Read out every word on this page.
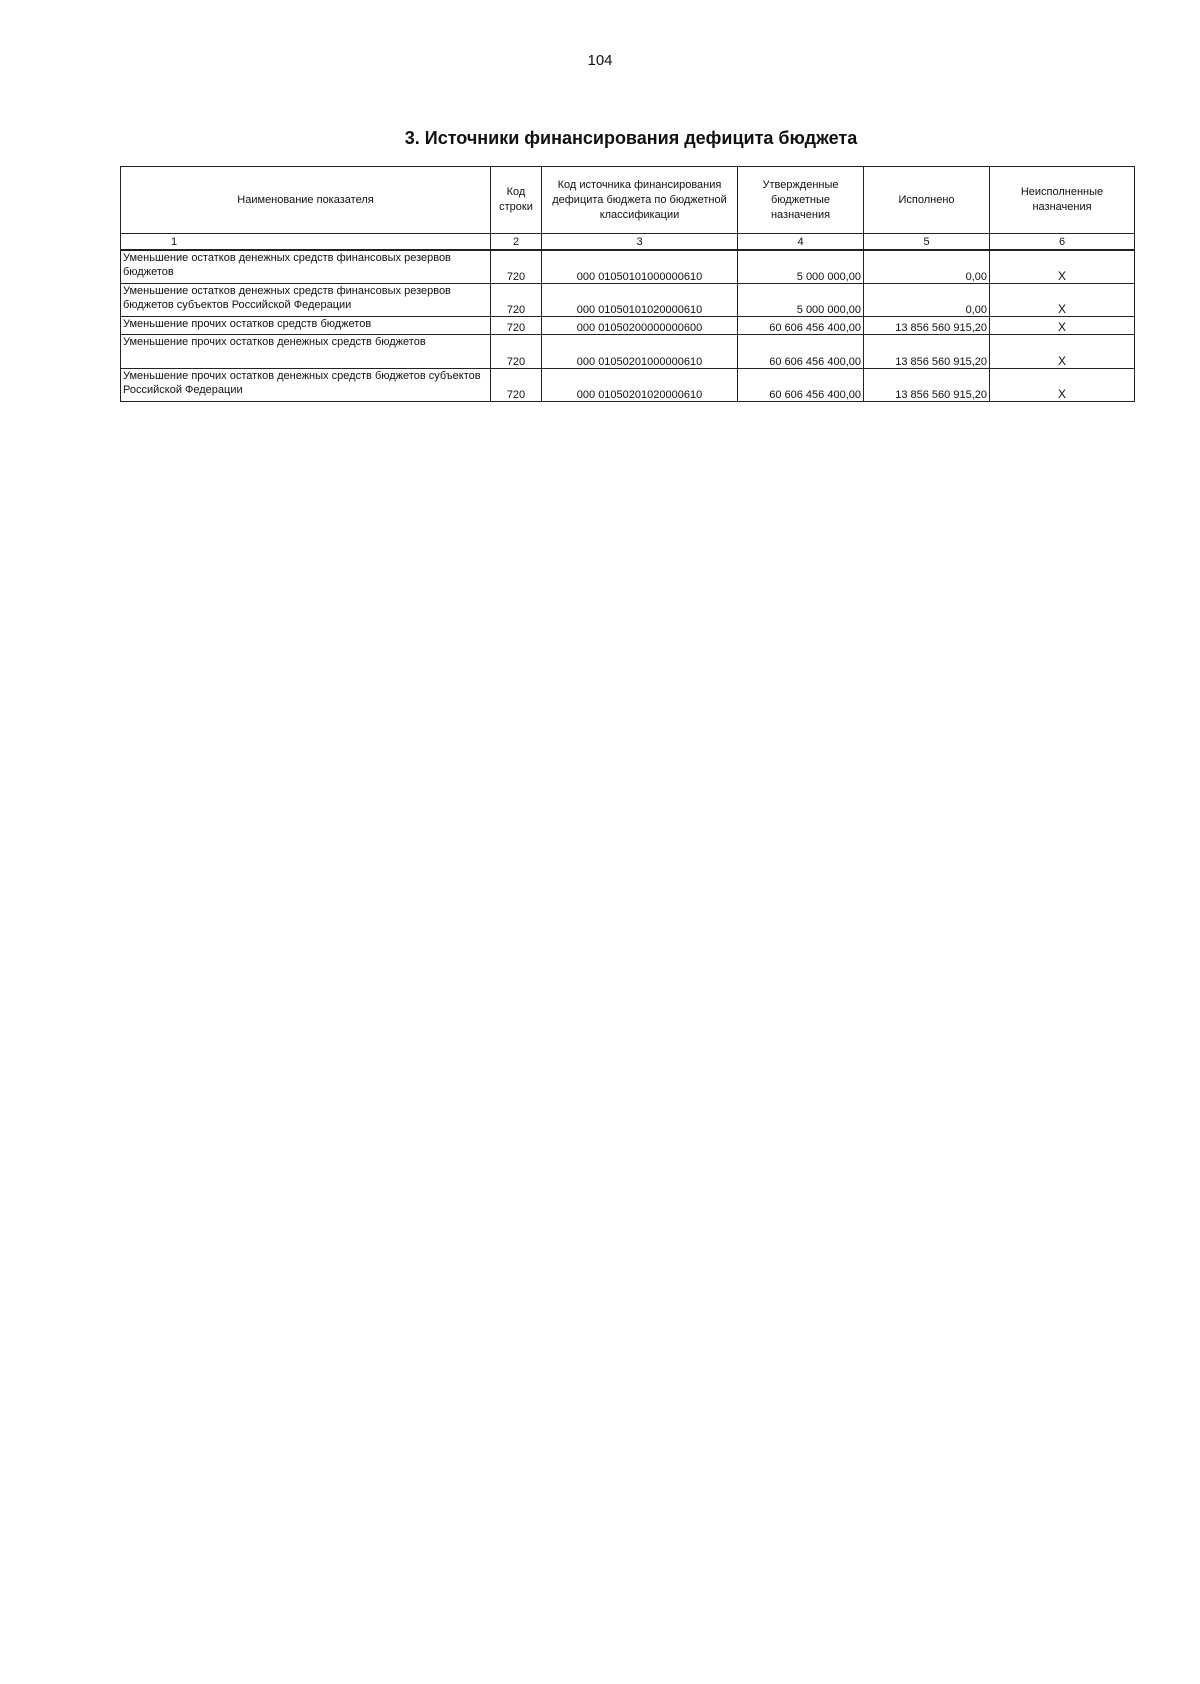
104
3. Источники финансирования дефицита бюджета
Наименование показателя	Код строки	Код источника финансирования дефицита бюджета по бюджетной классификации	Утвержденные бюджетные назначения	Исполнено	Неисполненные назначения
1	2	3	4	5	6
Уменьшение остатков денежных средств финансовых резервов бюджетов	720	000 01050101000000610	5 000 000,00	0,00	X
Уменьшение остатков денежных средств финансовых резервов бюджетов субъектов Российской Федерации	720	000 01050101020000610	5 000 000,00	0,00	X
Уменьшение прочих остатков средств бюджетов	720	000 01050200000000600	60 606 456 400,00	13 856 560 915,20	X
Уменьшение прочих остатков денежных средств бюджетов	720	000 01050201000000610	60 606 456 400,00	13 856 560 915,20	X
Уменьшение прочих остатков денежных средств бюджетов субъектов Российской Федерации	720	000 01050201020000610	60 606 456 400,00	13 856 560 915,20	X
